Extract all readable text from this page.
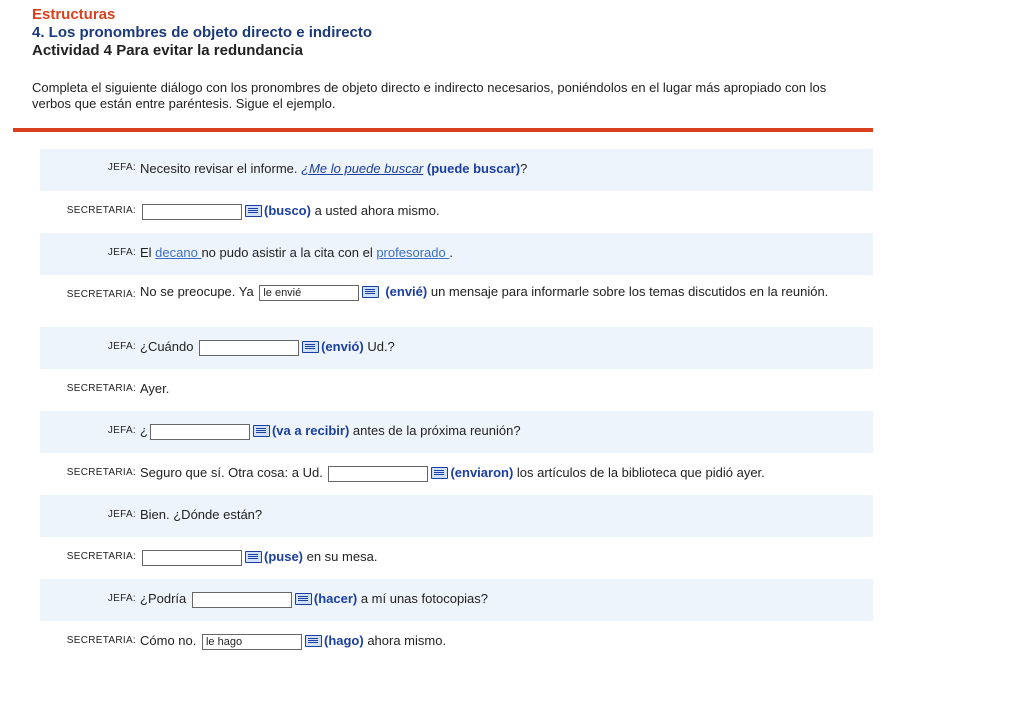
Estructuras
4. Los pronombres de objeto directo e indirecto
Actividad 4 Para evitar la redundancia
Completa el siguiente diálogo con los pronombres de objeto directo e indirecto necesarios, poniéndolos en el lugar más apropiado con los verbos que están entre paréntesis. Sigue el ejemplo.
JEFA: Necesito revisar el informe. ¿Me lo puede buscar (puede buscar)?
SECRETARIA:	(busco) a usted ahora mismo.
JEFA: El decano no pudo asistir a la cita con el profesorado .
SECRETARIA: No se preocupe. Ya le envié	(envié) un mensaje para informarle sobre los temas discutidos en la reunión.
JEFA: ¿Cuándo	(envió) Ud.?
SECRETARIA: Ayer.
JEFA: ¿	(va a recibir) antes de la próxima reunión?
SECRETARIA: Seguro que sí. Otra cosa: a Ud.	(enviaron) los artículos de la biblioteca que pidió ayer.
JEFA: Bien. ¿Dónde están?
SECRETARIA:	(puse) en su mesa.
JEFA: ¿Podría	(hacer) a mí unas fotocopias?
SECRETARIA: Cómo no. le hago	(hago) ahora mismo.
